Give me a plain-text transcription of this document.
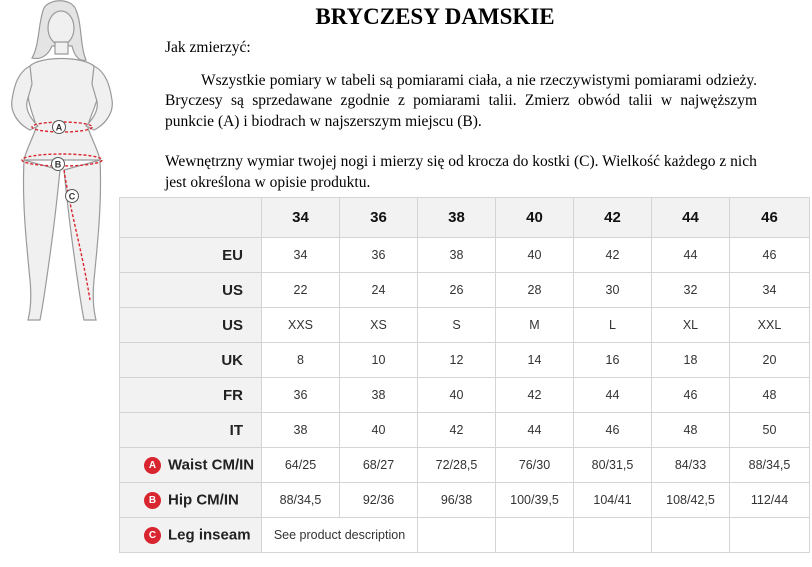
A
B
C
BRYCZESY DAMSKIE

Jak zmierzyć:

Wszystkie pomiary w tabeli są pomiarami ciała, a nie rzeczywistymi pomiarami odzieży. Bryczesy są sprzedawane zgodnie z pomiarami talii. Zmierz obwód talii w najwęższym punkcie (A) i biodrach w najszerszym miejscu (B).

Wewnętrzny wymiar twojej nogi i mierzy się od krocza do kostki (C). Wielkość każdego z nich jest określona w opisie produktu.

	34	36	38	40	42	44	46
EU	34	36	38	40	42	44	46
US	22	24	26	28	30	32	34
US	XXS	XS	S	M	L	XL	XXL
UK	8	10	12	14	16	18	20
FR	36	38	40	42	44	46	48
IT	38	40	42	44	46	48	50
A Waist CM/IN	64/25	68/27	72/28,5	76/30	80/31,5	84/33	88/34,5
B Hip CM/IN	88/34,5	92/36	96/38	100/39,5	104/41	108/42,5	112/44
C Leg inseam	See product description						
